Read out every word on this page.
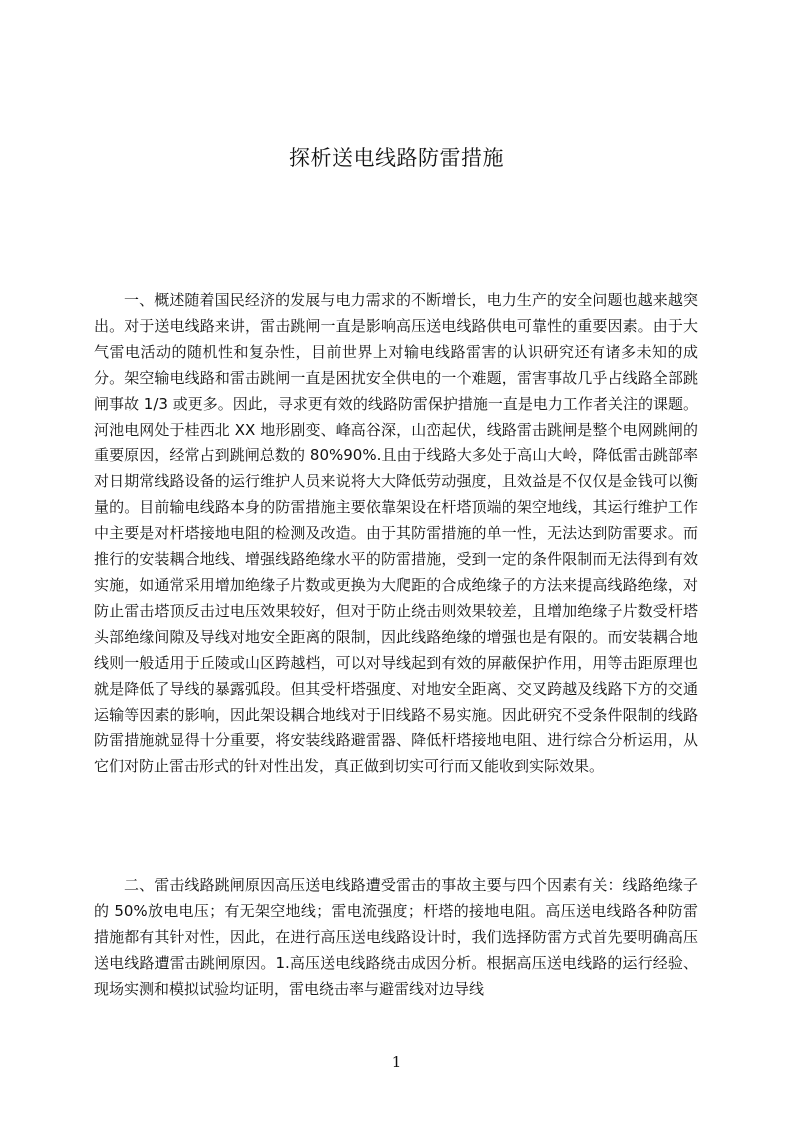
探析送电线路防雷措施

一、概述随着国民经济的发展与电力需求的不断增长，电力生产的安全问题也越来越突出。对于送电线路来讲，雷击跳闸一直是影响高压送电线路供电可靠性的重要因素。由于大气雷电活动的随机性和复杂性，目前世界上对输电线路雷害的认识研究还有诸多未知的成分。架空输电线路和雷击跳闸一直是困扰安全供电的一个难题，雷害事故几乎占线路全部跳闸事故 1/3 或更多。因此，寻求更有效的线路防雷保护措施一直是电力工作者关注的课题。河池电网处于桂西北 XX 地形剧变、峰高谷深，山峦起伏，线路雷击跳闸是整个电网跳闸的重要原因，经常占到跳闸总数的 80%90%.且由于线路大多处于高山大岭，降低雷击跳部率对日期常线路设备的运行维护人员来说将大大降低劳动强度，且效益是不仅仅是金钱可以衡量的。目前输电线路本身的防雷措施主要依靠架设在杆塔顶端的架空地线，其运行维护工作中主要是对杆塔接地电阻的检测及改造。由于其防雷措施的单一性，无法达到防雷要求。而推行的安装耦合地线、增强线路绝缘水平的防雷措施，受到一定的条件限制而无法得到有效实施，如通常采用增加绝缘子片数或更换为大爬距的合成绝缘子的方法来提高线路绝缘，对防止雷击塔顶反击过电压效果较好，但对于防止绕击则效果较差，且增加绝缘子片数受杆塔头部绝缘间隙及导线对地安全距离的限制，因此线路绝缘的增强也是有限的。而安装耦合地线则一般适用于丘陵或山区跨越档，可以对导线起到有效的屏蔽保护作用，用等击距原理也就是降低了导线的暴露弧段。但其受杆塔强度、对地安全距离、交叉跨越及线路下方的交通运输等因素的影响，因此架设耦合地线对于旧线路不易实施。因此研究不受条件限制的线路防雷措施就显得十分重要，将安装线路避雷器、降低杆塔接地电阻、进行综合分析运用，从它们对防止雷击形式的针对性出发，真正做到切实可行而又能收到实际效果。

二、雷击线路跳闸原因高压送电线路遭受雷击的事故主要与四个因素有关：线路绝缘子的 50%放电电压；有无架空地线；雷电流强度；杆塔的接地电阻。高压送电线路各种防雷措施都有其针对性，因此，在进行高压送电线路设计时，我们选择防雷方式首先要明确高压送电线路遭雷击跳闸原因。1.高压送电线路绕击成因分析。根据高压送电线路的运行经验、现场实测和模拟试验均证明，雷电绕击率与避雷线对边导线

1
